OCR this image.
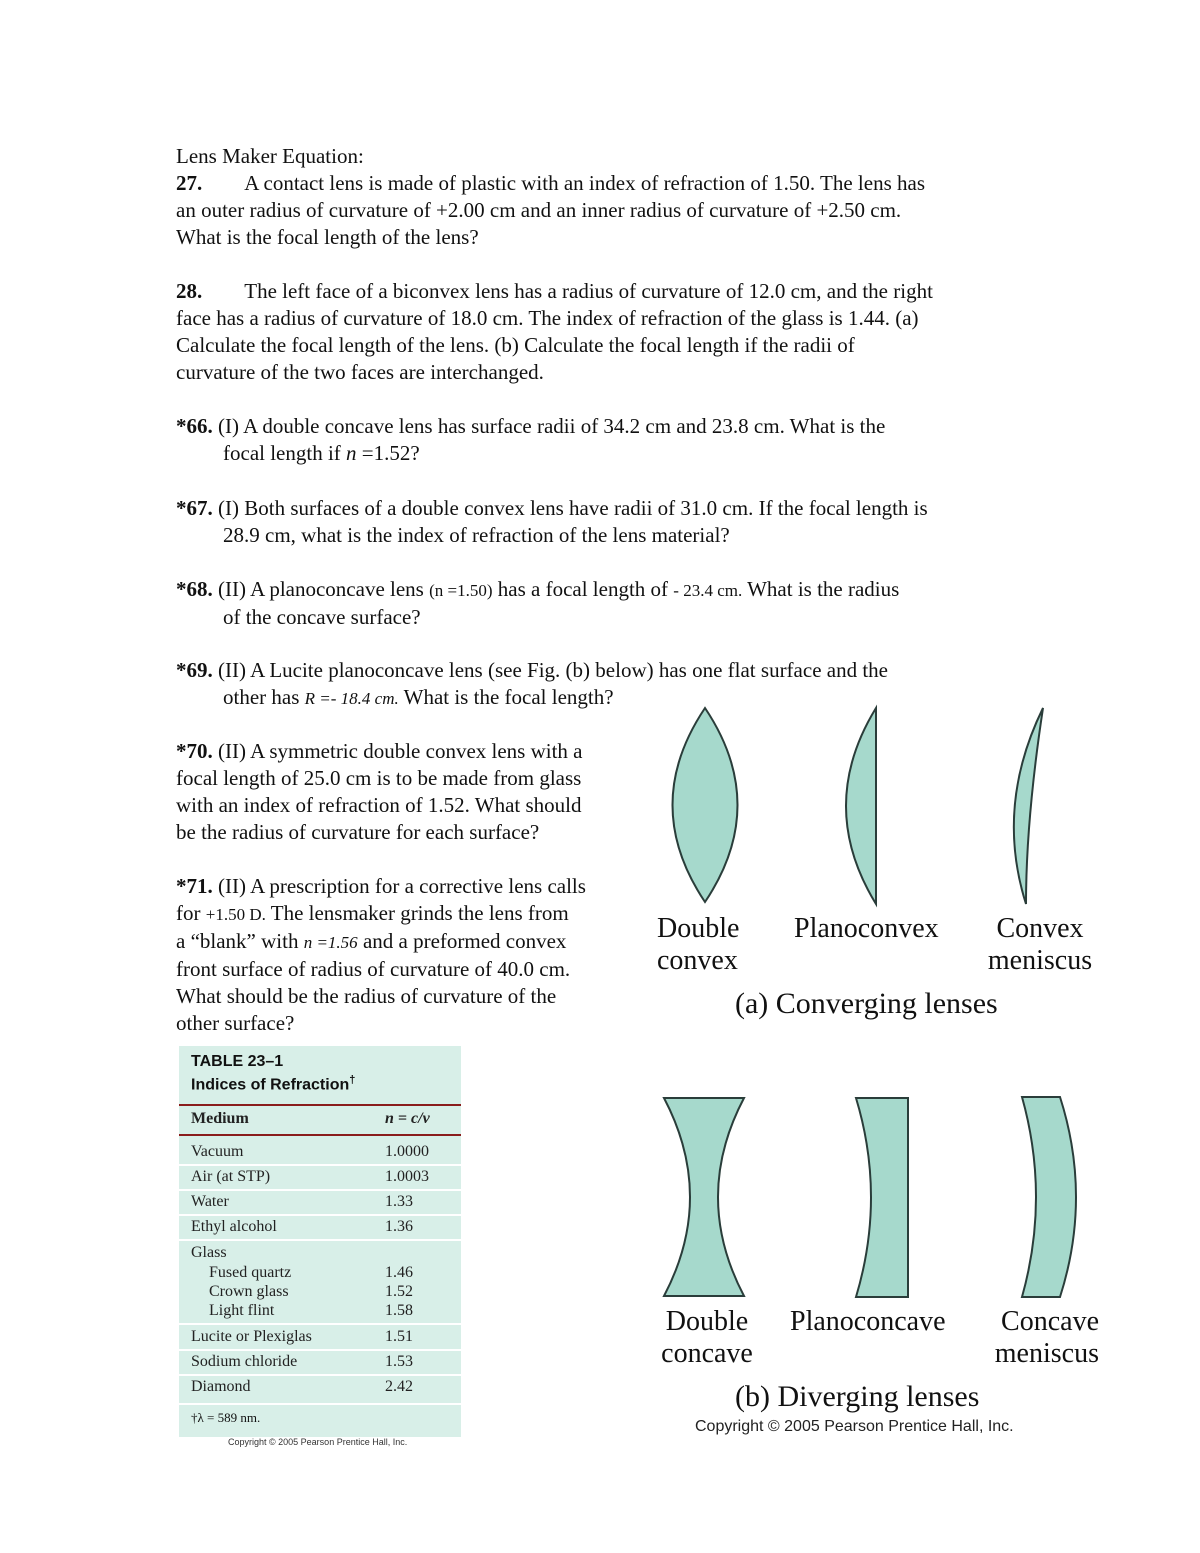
Lens Maker Equation:

27. A contact lens is made of plastic with an index of refraction of 1.50. The lens has
an outer radius of curvature of +2.00 cm and an inner radius of curvature of +2.50 cm.
What is the focal length of the lens?
28. The left face of a biconvex lens has a radius of curvature of 12.0 cm, and the right
face has a radius of curvature of 18.0 cm. The index of refraction of the glass is 1.44. (a)
Calculate the focal length of the lens. (b) Calculate the focal length if the radii of
curvature of the two faces are interchanged.
*66. (I) A double concave lens has surface radii of 34.2 cm and 23.8 cm. What is the
focal length if n =1.52?
*67. (I) Both surfaces of a double convex lens have radii of 31.0 cm. If the focal length is
28.9 cm, what is the index of refraction of the lens material?
*68. (II) A planoconcave lens (n =1.50) has a focal length of - 23.4 cm. What is the radius
of the concave surface?
*69. (II) A Lucite planoconcave lens (see Fig. (b) below) has one flat surface and the
other has R =- 18.4 cm. What is the focal length?
*70. (II) A symmetric double convex lens with a
focal length of 25.0 cm is to be made from glass
with an index of refraction of 1.52. What should
be the radius of curvature for each surface?
*71. (II) A prescription for a corrective lens calls
for +1.50 D. The lensmaker grinds the lens from
a “blank” with n =1.56 and a preformed convex
front surface of radius of curvature of 40.0 cm.
What should be the radius of curvature of the
other surface?
TABLE 23–1
Indices of Refraction†
Medium	n = c/v
Vacuum	1.0000
Air (at STP)	1.0003
Water	1.33
Ethyl alcohol	1.36
Glass
Fused quartz	1.46
Crown glass	1.52
Light flint	1.58
Lucite or Plexiglas	1.51
Sodium chloride	1.53
Diamond	2.42
†λ = 589 nm.
Copyright © 2005 Pearson Prentice Hall, Inc.
Double
convex
Planoconvex	Convex
meniscus
(a) Converging lenses
Double
concave
Planoconcave	Concave
meniscus
(b) Diverging lenses
Copyright © 2005 Pearson Prentice Hall, Inc.
